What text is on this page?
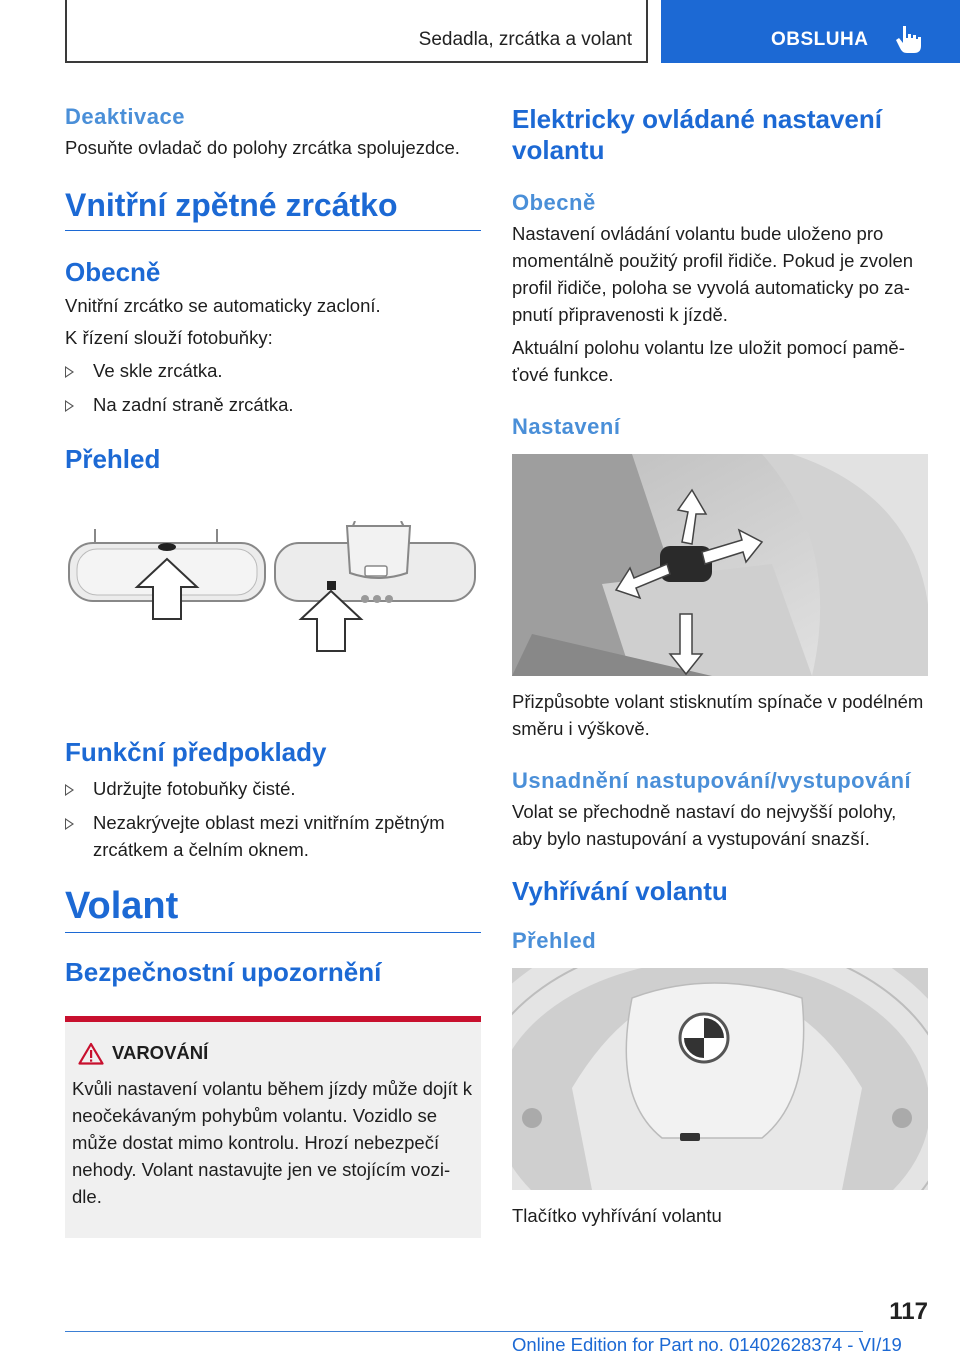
Sedadla, zrcátka a volant	OBSLUHA
Deaktivace

Posuňte ovladač do polohy zrcátka spolujezdce.

Vnitřní zpětné zrcátko
Obecně

Vnitřní zrcátko se automaticky zaclоní.

K řízení slouží fotobuňky:

Ve skle zrcátka.
Na zadní straně zrcátka.
Přehled
Funkční předpoklady
Udržujte fotobuňky čisté.
Nezakrývejte oblast mezi vnitřním zpětným zrcátkem a čelním oknem.
Volant
Bezpečnostní upozornění
VAROVÁNÍ

Kvůli nastavení volantu během jízdy může dojít k neočekávaným pohybům volantu. Vozidlo se může dostat mimo kontrolu. Hrozí nebezpečí nehody. Volant nastavujte jen ve stojícím vozidle.

Elektricky ovládané nastavení volantu
Obecně

Nastavení ovládání volantu bude uloženo pro momentálně použitý profil řidiče. Pokud je zvolen profil řidiče, poloha se vyvolá automaticky po zapnutí připravenosti k jízdě.

Aktuální polohu volantu lze uložit pomocí paměťové funkce.

Nastavení

Přizpůsobte volant stisknutím spínače v podélném směru i výškově.

Usnadnění nastupování/vystupování

Volat se přechodně nastaví do nejvyšší polohy, aby bylo nastupování a vystupování snazší.

Vyhřívání volantu
Přehled

Tlačítko vyhřívání volantu

117
Online Edition for Part no. 01402628374 - VI/19
